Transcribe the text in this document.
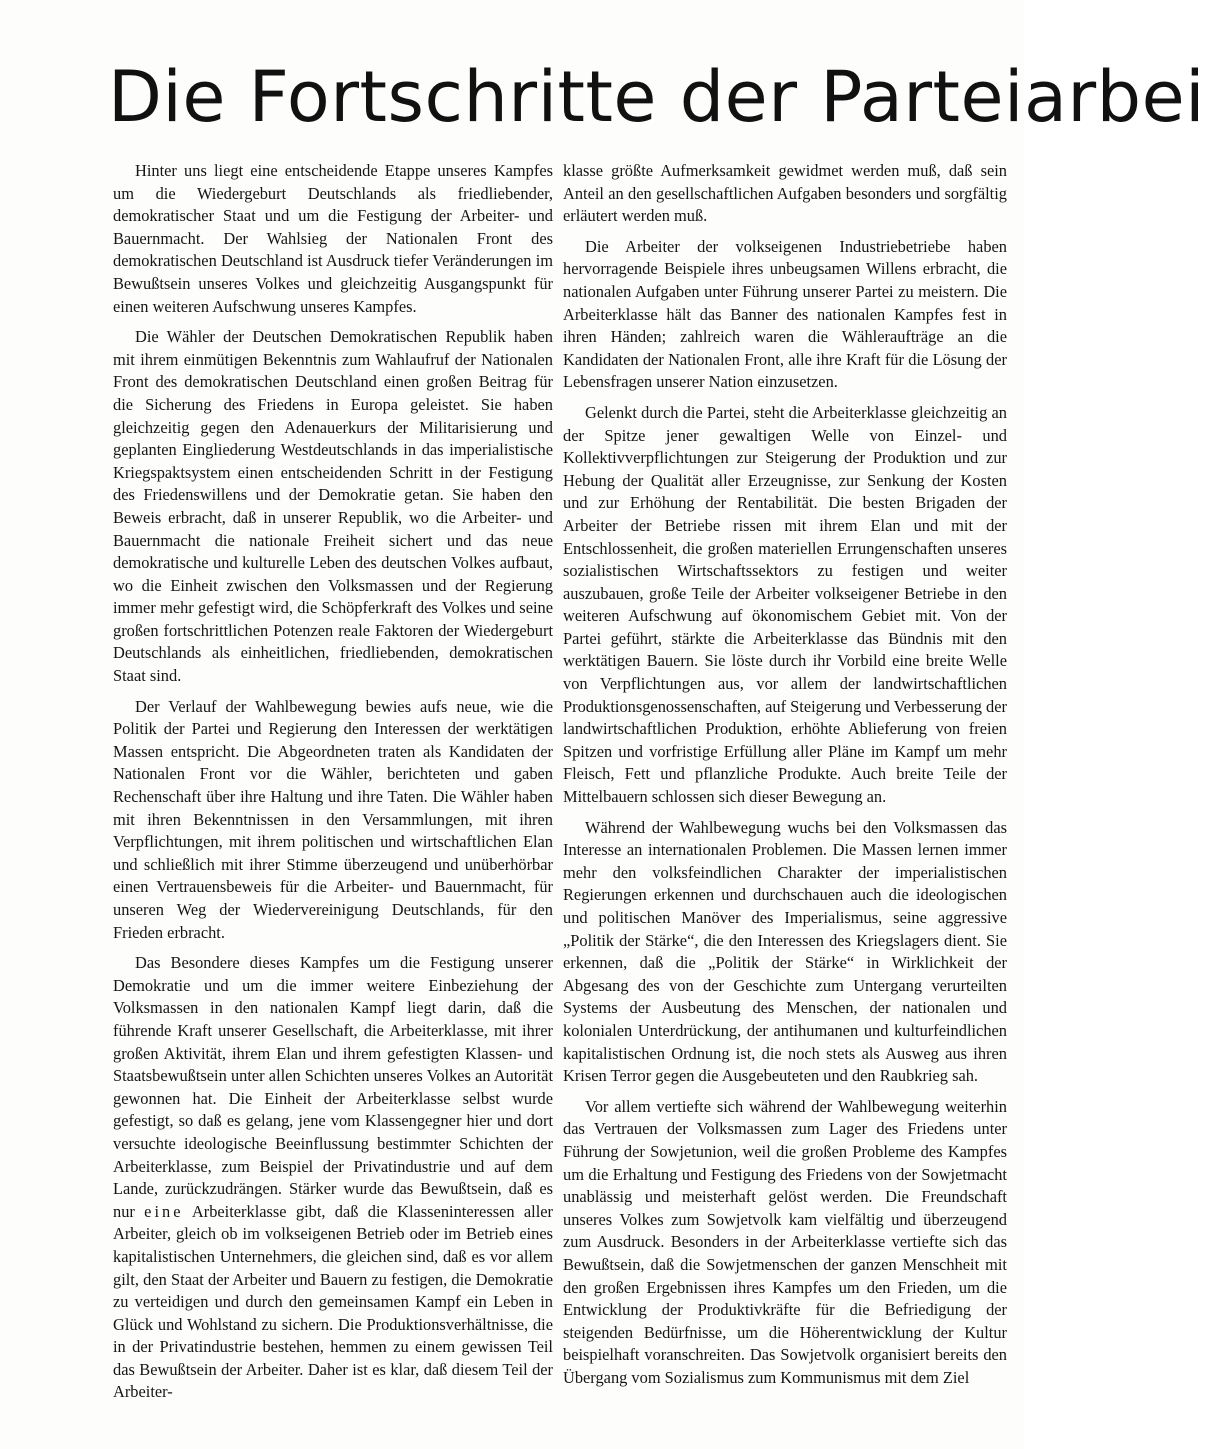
Die Fortschritte der Parteiarbei

Hinter uns liegt eine entscheidende Etappe unseres Kampfes um die Wiedergeburt Deutschlands als friedliebender, demokratischer Staat und um die Festigung der Arbeiter- und Bauernmacht. Der Wahlsieg der Nationalen Front des demokratischen Deutschland ist Ausdruck tiefer Veränderungen im Bewußtsein unseres Volkes und gleichzeitig Ausgangspunkt für einen weiteren Aufschwung unseres Kampfes.

Die Wähler der Deutschen Demokratischen Republik haben mit ihrem einmütigen Bekenntnis zum Wahlaufruf der Nationalen Front des demokratischen Deutschland einen großen Beitrag für die Sicherung des Friedens in Europa geleistet. Sie haben gleichzeitig gegen den Adenauerkurs der Militarisierung und geplanten Eingliederung Westdeutschlands in das imperialistische Kriegspaktsystem einen entscheidenden Schritt in der Festigung des Friedenswillens und der Demokratie getan. Sie haben den Beweis erbracht, daß in unserer Republik, wo die Arbeiter- und Bauernmacht die nationale Freiheit sichert und das neue demokratische und kulturelle Leben des deutschen Volkes aufbaut, wo die Einheit zwischen den Volksmassen und der Regierung immer mehr gefestigt wird, die Schöpferkraft des Volkes und seine großen fortschrittlichen Potenzen reale Faktoren der Wiedergeburt Deutschlands als einheitlichen, friedliebenden, demokratischen Staat sind.

Der Verlauf der Wahlbewegung bewies aufs neue, wie die Politik der Partei und Regierung den Interessen der werktätigen Massen entspricht. Die Abgeordneten traten als Kandidaten der Nationalen Front vor die Wähler, berichteten und gaben Rechenschaft über ihre Haltung und ihre Taten. Die Wähler haben mit ihren Bekenntnissen in den Versammlungen, mit ihren Verpflichtungen, mit ihrem politischen und wirtschaftlichen Elan und schließlich mit ihrer Stimme überzeugend und unüberhörbar einen Vertrauensbeweis für die Arbeiter- und Bauernmacht, für unseren Weg der Wiedervereinigung Deutschlands, für den Frieden erbracht.

Das Besondere dieses Kampfes um die Festigung unserer Demokratie und um die immer weitere Einbeziehung der Volksmassen in den nationalen Kampf liegt darin, daß die führende Kraft unserer Gesellschaft, die Arbeiterklasse, mit ihrer großen Aktivität, ihrem Elan und ihrem gefestigten Klassen- und Staatsbewußtsein unter allen Schichten unseres Volkes an Autorität gewonnen hat. Die Einheit der Arbeiterklasse selbst wurde gefestigt, so daß es gelang, jene vom Klassengegner hier und dort versuchte ideologische Beeinflussung bestimmter Schichten der Arbeiterklasse, zum Beispiel der Privatindustrie und auf dem Lande, zurückzudrängen. Stärker wurde das Bewußtsein, daß es nur eine Arbeiterklasse gibt, daß die Klasseninteressen aller Arbeiter, gleich ob im volkseigenen Betrieb oder im Betrieb eines kapitalistischen Unternehmers, die gleichen sind, daß es vor allem gilt, den Staat der Arbeiter und Bauern zu festigen, die Demokratie zu verteidigen und durch den gemeinsamen Kampf ein Leben in Glück und Wohlstand zu sichern. Die Produktionsverhältnisse, die in der Privatindustrie bestehen, hemmen zu einem gewissen Teil das Bewußtsein der Arbeiter. Daher ist es klar, daß diesem Teil der Arbeiter-

klasse größte Aufmerksamkeit gewidmet werden muß, daß sein Anteil an den gesellschaftlichen Aufgaben besonders und sorgfältig erläutert werden muß.

Die Arbeiter der volkseigenen Industriebetriebe haben hervorragende Beispiele ihres unbeugsamen Willens erbracht, die nationalen Aufgaben unter Führung unserer Partei zu meistern. Die Arbeiterklasse hält das Banner des nationalen Kampfes fest in ihren Händen; zahlreich waren die Wähleraufträge an die Kandidaten der Nationalen Front, alle ihre Kraft für die Lösung der Lebensfragen unserer Nation einzusetzen.

Gelenkt durch die Partei, steht die Arbeiterklasse gleichzeitig an der Spitze jener gewaltigen Welle von Einzel- und Kollektivverpflichtungen zur Steigerung der Produktion und zur Hebung der Qualität aller Erzeugnisse, zur Senkung der Kosten und zur Erhöhung der Rentabilität. Die besten Brigaden der Arbeiter der Betriebe rissen mit ihrem Elan und mit der Entschlossenheit, die großen materiellen Errungenschaften unseres sozialistischen Wirtschaftssektors zu festigen und weiter auszubauen, große Teile der Arbeiter volkseigener Betriebe in den weiteren Aufschwung auf ökonomischem Gebiet mit. Von der Partei geführt, stärkte die Arbeiterklasse das Bündnis mit den werktätigen Bauern. Sie löste durch ihr Vorbild eine breite Welle von Verpflichtungen aus, vor allem der landwirtschaftlichen Produktionsgenossenschaften, auf Steigerung und Verbesserung der landwirtschaftlichen Produktion, erhöhte Ablieferung von freien Spitzen und vorfristige Erfüllung aller Pläne im Kampf um mehr Fleisch, Fett und pflanzliche Produkte. Auch breite Teile der Mittelbauern schlossen sich dieser Bewegung an.

Während der Wahlbewegung wuchs bei den Volksmassen das Interesse an internationalen Problemen. Die Massen lernen immer mehr den volksfeindlichen Charakter der imperialistischen Regierungen erkennen und durchschauen auch die ideologischen und politischen Manöver des Imperialismus, seine aggressive „Politik der Stärke“, die den Interessen des Kriegslagers dient. Sie erkennen, daß die „Politik der Stärke“ in Wirklichkeit der Abgesang des von der Geschichte zum Untergang verurteilten Systems der Ausbeutung des Menschen, der nationalen und kolonialen Unterdrückung, der antihumanen und kulturfeindlichen kapitalistischen Ordnung ist, die noch stets als Ausweg aus ihren Krisen Terror gegen die Ausgebeuteten und den Raubkrieg sah.

Vor allem vertiefte sich während der Wahlbewegung weiterhin das Vertrauen der Volksmassen zum Lager des Friedens unter Führung der Sowjetunion, weil die großen Probleme des Kampfes um die Erhaltung und Festigung des Friedens von der Sowjetmacht unablässig und meisterhaft gelöst werden. Die Freundschaft unseres Volkes zum Sowjetvolk kam vielfältig und überzeugend zum Ausdruck. Besonders in der Arbeiterklasse vertiefte sich das Bewußtsein, daß die Sowjetmenschen der ganzen Menschheit mit den großen Ergebnissen ihres Kampfes um den Frieden, um die Entwicklung der Produktivkräfte für die Befriedigung der steigenden Bedürfnisse, um die Höherentwicklung der Kultur beispielhaft voranschreiten. Das Sowjetvolk organisiert bereits den Übergang vom Sozialismus zum Kommunismus mit dem Ziel
